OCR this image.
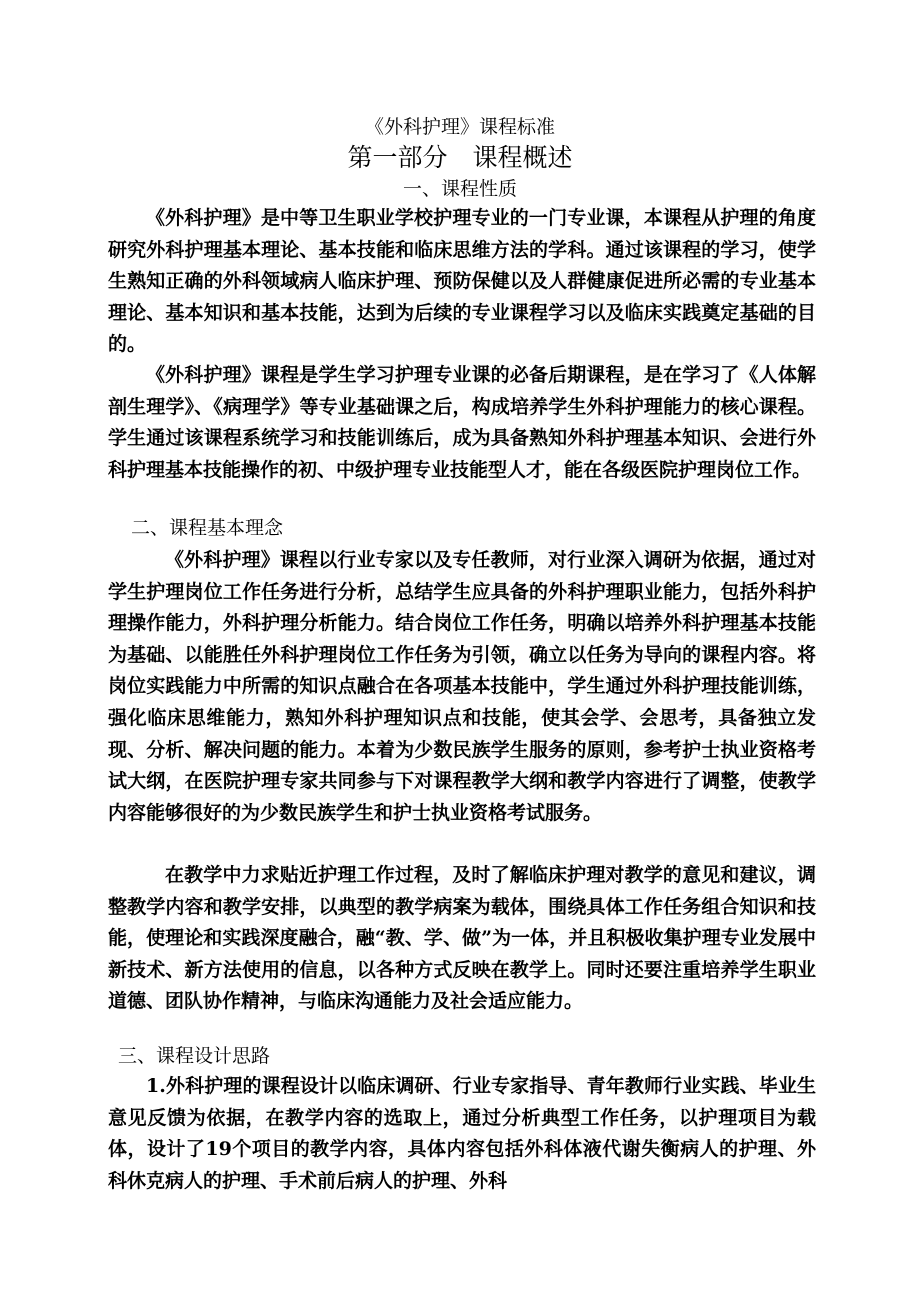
《外科护理》课程标准
第一部分　课程概述
一、课程性质

《外科护理》是中等卫生职业学校护理专业的一门专业课，本课程从护理的角度研究外科护理基本理论、基本技能和临床思维方法的学科。通过该课程的学习，使学生熟知正确的外科领域病人临床护理、预防保健以及人群健康促进所必需的专业基本理论、基本知识和基本技能，达到为后续的专业课程学习以及临床实践奠定基础的目的。

《外科护理》课程是学生学习护理专业课的必备后期课程，是在学习了《人体解剖生理学》、《病理学》等专业基础课之后，构成培养学生外科护理能力的核心课程。学生通过该课程系统学习和技能训练后，成为具备熟知外科护理基本知识、会进行外科护理基本技能操作的初、中级护理专业技能型人才，能在各级医院护理岗位工作。

二、课程基本理念

《外科护理》课程以行业专家以及专任教师，对行业深入调研为依据，通过对学生护理岗位工作任务进行分析，总结学生应具备的外科护理职业能力，包括外科护理操作能力，外科护理分析能力。结合岗位工作任务，明确以培养外科护理基本技能为基础、以能胜任外科护理岗位工作任务为引领，确立以任务为导向的课程内容。将岗位实践能力中所需的知识点融合在各项基本技能中，学生通过外科护理技能训练，强化临床思维能力，熟知外科护理知识点和技能，使其会学、会思考，具备独立发现、分析、解决问题的能力。本着为少数民族学生服务的原则，参考护士执业资格考试大纲，在医院护理专家共同参与下对课程教学大纲和教学内容进行了调整，使教学内容能够很好的为少数民族学生和护士执业资格考试服务。

在教学中力求贴近护理工作过程，及时了解临床护理对教学的意见和建议，调整教学内容和教学安排，以典型的教学病案为载体，围绕具体工作任务组合知识和技能，使理论和实践深度融合，融“教、学、做”为一体，并且积极收集护理专业发展中新技术、新方法使用的信息，以各种方式反映在教学上。同时还要注重培养学生职业道德、团队协作精神，与临床沟通能力及社会适应能力。

三、课程设计思路

1.外科护理的课程设计以临床调研、行业专家指导、青年教师行业实践、毕业生意见反馈为依据，在教学内容的选取上，通过分析典型工作任务，以护理项目为载体，设计了19个项目的教学内容，具体内容包括外科体液代谢失衡病人的护理、外科休克病人的护理、手术前后病人的护理、外科
